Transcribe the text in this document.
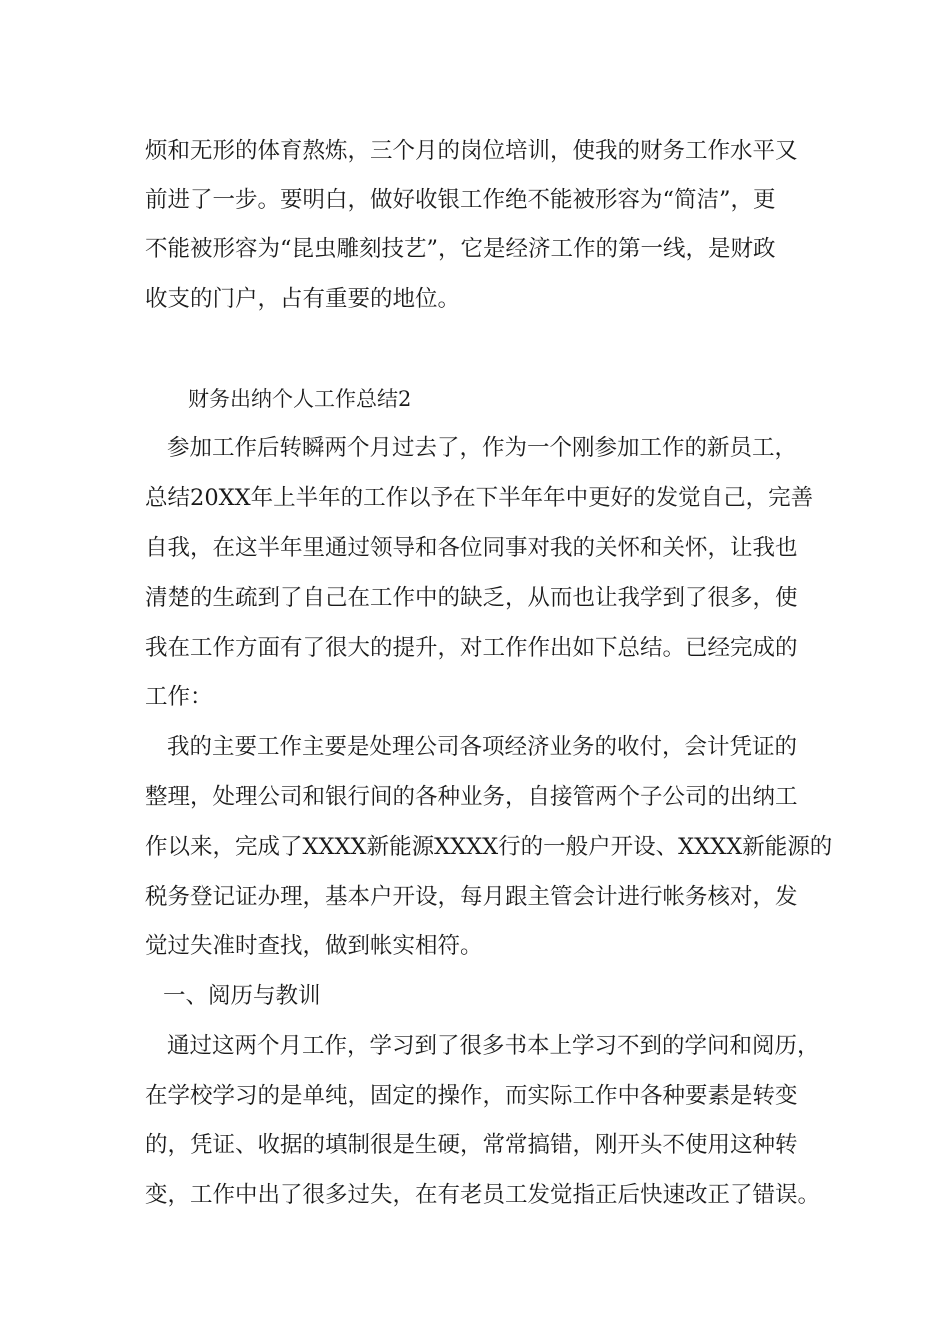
烦和无形的体育熬炼，三个月的岗位培训，使我的财务工作水平又
前进了一步。要明白，做好收银工作绝不能被形容为“简洁”，更
不能被形容为“昆虫雕刻技艺”，它是经济工作的第一线，是财政
收支的门户，占有重要的地位。
财务出纳个人工作总结2
参加工作后转瞬两个月过去了，作为一个刚参加工作的新员工，
总结20XX年上半年的工作以予在下半年年中更好的发觉自己，完善
自我，在这半年里通过领导和各位同事对我的关怀和关怀，让我也
清楚的生疏到了自己在工作中的缺乏，从而也让我学到了很多，使
我在工作方面有了很大的提升，对工作作出如下总结。已经完成的
工作：
我的主要工作主要是处理公司各项经济业务的收付，会计凭证的
整理，处理公司和银行间的各种业务，自接管两个子公司的出纳工
作以来，完成了XXXX新能源XXXX行的一般户开设、XXXX新能源的
税务登记证办理，基本户开设，每月跟主管会计进行帐务核对，发
觉过失准时查找，做到帐实相符。
一、阅历与教训
通过这两个月工作，学习到了很多书本上学习不到的学问和阅历，
在学校学习的是单纯，固定的操作，而实际工作中各种要素是转变
的，凭证、收据的填制很是生硬，常常搞错，刚开头不使用这种转
变，工作中出了很多过失，在有老员工发觉指正后快速改正了错误。
